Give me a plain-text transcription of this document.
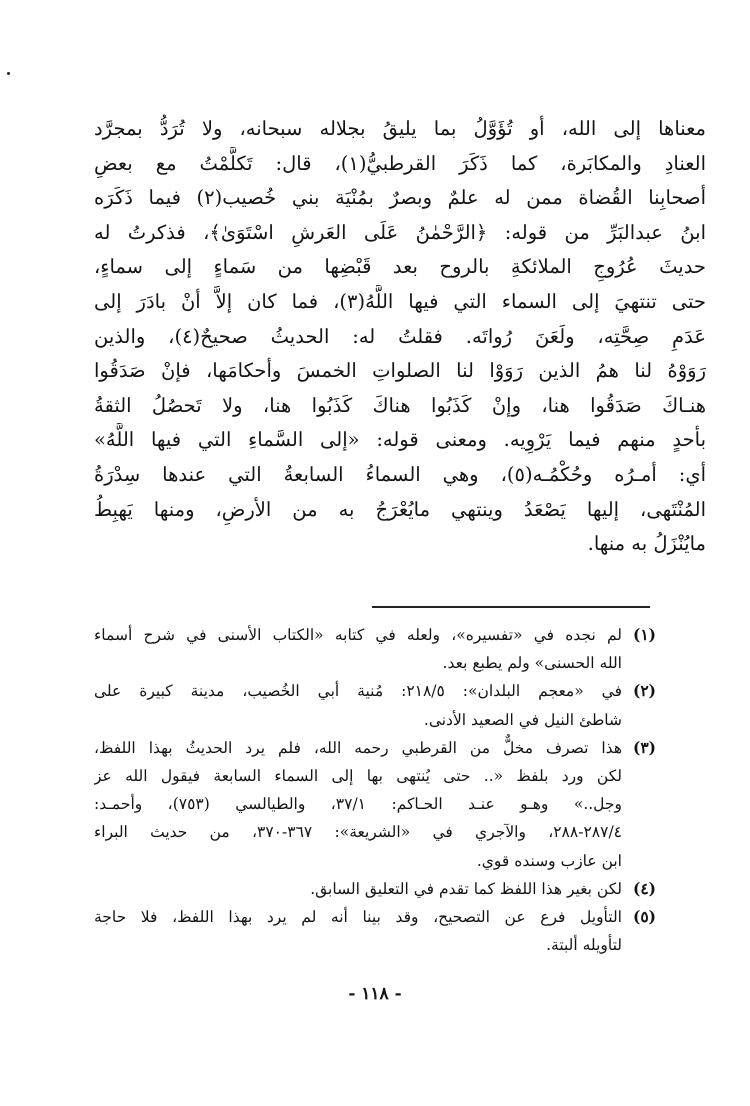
معناها إلى الله، أو تُؤَوَّلُ بما يليقُ بجلاله سبحانه، ولا تُرَدُّ بمجرَّد
العنادِ والمكابَرة، كما ذَكَرَ القرطبيُّ(١)، قال: تَكلَّمْتُ مع بعضِ
أصحابِنا القُضاة ممن له علمٌ وبصرٌ بمُنْيَة بني خُصيب(٢) فيما ذَكَرَه
ابنُ عبدالبَرِّ من قوله: ﴿الرَّحْمٰنُ عَلَى العَرشِ اسْتَوَىٰ﴾، فذكرتُ له
حديثَ عُرُوجِ الملائكةِ بالروح بعد قَبْضِها من سَماءٍ إلى سماءٍ،
حتى تنتهيَ إلى السماء التي فيها اللَّهُ(٣)، فما كان إلاَّ أنْ بادَرَ إلى
عَدَمِ صِحَّتِه، ولَعَنَ رُواتَه. فقلتُ له: الحديثُ صحيحٌ(٤)، والذين
رَوَوْهُ لنا همُ الذين رَوَوْا لنا الصلواتِ الخمسَ وأحكامَها، فإنْ صَدَقُوا
هنـاكَ صَدَقُوا هنا، وإنْ كَذَبُوا هناكَ كَذَبُوا هنا، ولا تَحصُلُ الثقةُ
بأحدٍ منهم فيما يَرْوِيه. ومعنى قوله: «إلى السَّماءِ التي فيها اللَّهُ»
أي: أمـرُه وحُكْمُـه(٥)، وهي السماءُ السابعةُ التي عندها سِدْرَةُ
المُنْتَهى، إليها يَصْعَدُ وينتهي مايُعْرَجُ به من الأرضِ، ومنها يَهبِطُ
مايُنْزَلُ به منها.
(١)
لم نجده في «تفسيره»، ولعله في كتابه «الكتاب الأسنى في شرح أسماء
الله الحسنى» ولم يطبع بعد.
(٢)
في «معجم البلدان»: ٢١٨/٥: مُنية أبي الخُصيب، مدينة كبيرة على
شاطئ النيل في الصعيد الأدنى.
(٣)
هذا تصرف مخلٌّ من القرطبي رحمه الله، فلم يرد الحديثُ بهذا اللفظ،
لكن ورد بلفظ «.. حتى يُنتهى بها إلى السماء السابعة فيقول الله عز
وجل..» وهـو عنـد الحـاكم: ٣٧/١، والطيالسي (٧٥٣)، وأحمـد:
٢٨٧/٤-٢٨٨، والآجري في «الشريعة»: ٣٦٧-٣٧٠، من حديث البراء
ابن عازب وسنده قوي.
(٤)
لكن بغير هذا اللفظ كما تقدم في التعليق السابق.
(٥)
التأويل فرع عن التصحيح، وقد بينا أنه لم يرد بهذا اللفظ، فلا حاجة
لتأويله ألبتة.
- ١١٨ -
